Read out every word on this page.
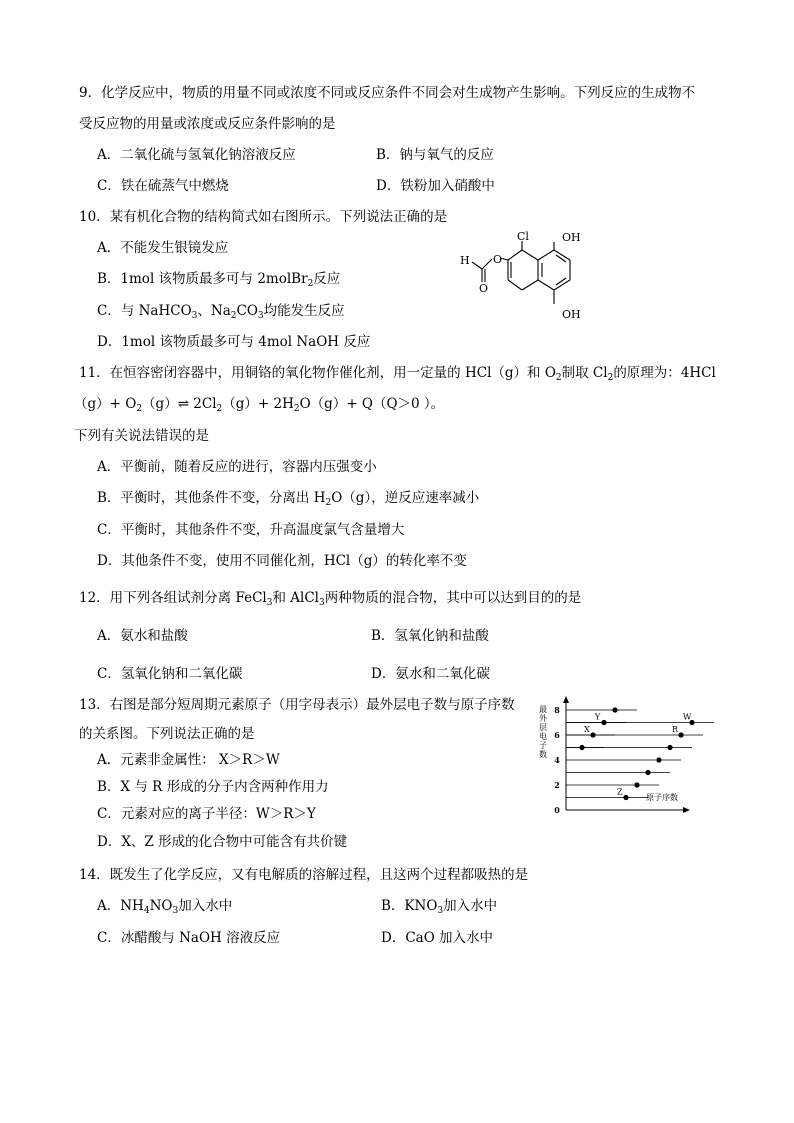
9．化学反应中，物质的用量不同或浓度不同或反应条件不同会对生成物产生影响。下列反应的生成物不
受反应物的用量或浓度或反应条件影响的是
A．二氧化硫与氢氧化钠溶液反应	B．钠与氧气的反应
C．铁在硫蒸气中燃烧	D．铁粉加入硝酸中
10．某有机化合物的结构简式如右图所示。下列说法正确的是
A．不能发生银镜发应
B．1mol 该物质最多可与 2molBr$_2$反应
C．与 NaHCO$_3$、$Na_2CO_3$均能发生反应
D．1mol 该物质最多可与 4mol NaOH 反应
Cl	OH
OH
H O
O
11．在恒容密闭容器中，用铜铬的氧化物作催化剂，用一定量的 HCl（g）和 $O_2$制取 $Cl_2$的原理为：4HCl
$(g)+ O_2(g)\rightleftharpoons$ $2Cl_2(g)+ 2H_2O(g)+ Q(Q>0$ ）。
下列有关说法错误的是
A．平衡前，随着反应的进行，容器内压强变小
B．平衡时，其他条件不变，分离出 $H_2O(g)$，逆反应速率减小
C．平衡时，其他条件不变，升高温度氯气含量增大
D．其他条件不变，使用不同催化剂，HCl（g）的转化率不变
12．用下列各组试剂分离 FeCl$_3$和 AlCl$_3$两种物质的混合物，其中可以达到目的的是
A．氨水和盐酸	B．氢氧化钠和盐酸
C．氢氧化钠和二氧化碳	D．氨水和二氧化碳
13．右图是部分短周期元素原子（用字母表示）最外层电子数与原子序数
的关系图。下列说法正确的是
A．元素非金属性： X＞R＞W
B．X 与 R 形成的分子内含两种作用力
C．元素对应的离子半径：W＞R＞Y
D．X、Z 形成的化合物中可能含有共价键
最
外
层
电
子
数
原子序数
0
2
4
6
8
X
Y
Z
R
W
14．既发生了化学反应，又有电解质的溶解过程，且这两个过程都吸热的是
A．$NH_4NO_3$加入水中	B．$KNO_3$加入水中
C．冰醋酸与 NaOH 溶液反应	D．CaO 加入水中
